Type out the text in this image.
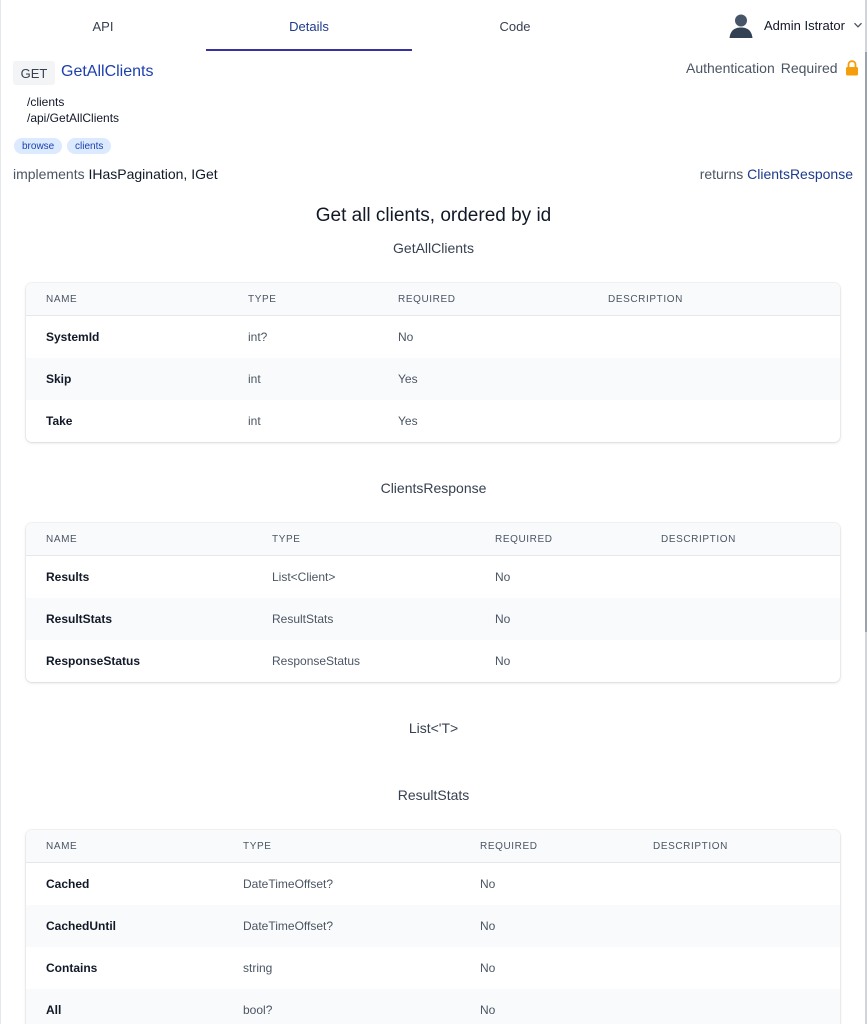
API	Details	Code	Admin Istrator
GET GetAllClients	Authentication Required
/clients
/api/GetAllClients
browse	clients
implements IHasPagination, IGet	returns ClientsResponse
Get all clients, ordered by id
GetAllClients
NAME	TYPE	REQUIRED	DESCRIPTION
SystemId	int?	No
Skip	int	Yes
Take	int	Yes
ClientsResponse
NAME	TYPE	REQUIRED	DESCRIPTION
Results	List<Client>	No
ResultStats	ResultStats	No
ResponseStatus	ResponseStatus	No
List<'T>
ResultStats
NAME	TYPE	REQUIRED	DESCRIPTION
Cached	DateTimeOffset?	No
CachedUntil	DateTimeOffset?	No
Contains	string	No
All	bool?	No
